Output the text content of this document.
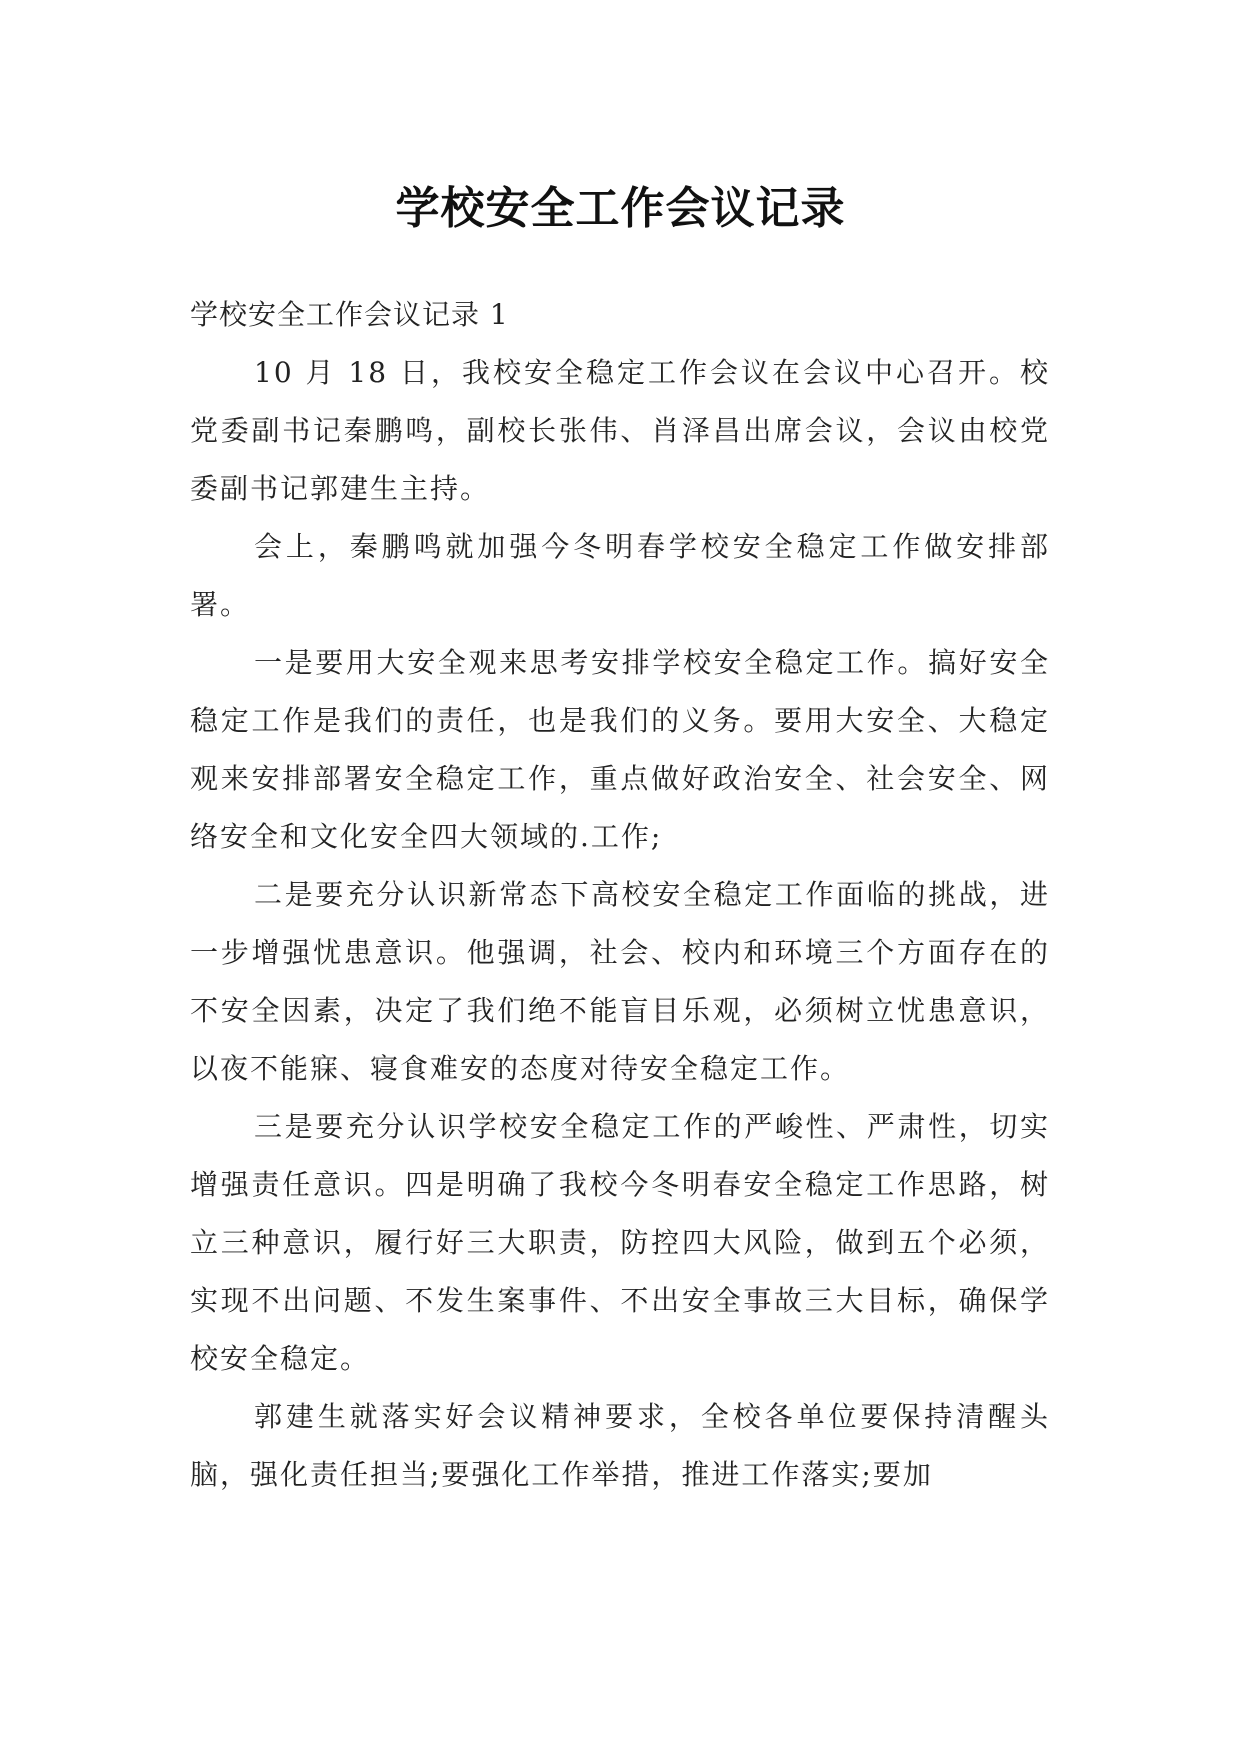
学校安全工作会议记录

学校安全工作会议记录 1

10 月 18 日，我校安全稳定工作会议在会议中心召开。校党委副书记秦鹏鸣，副校长张伟、肖泽昌出席会议，会议由校党委副书记郭建生主持。

会上，秦鹏鸣就加强今冬明春学校安全稳定工作做安排部署。

一是要用大安全观来思考安排学校安全稳定工作。搞好安全稳定工作是我们的责任，也是我们的义务。要用大安全、大稳定观来安排部署安全稳定工作，重点做好政治安全、社会安全、网络安全和文化安全四大领域的.工作;

二是要充分认识新常态下高校安全稳定工作面临的挑战，进一步增强忧患意识。他强调，社会、校内和环境三个方面存在的不安全因素，决定了我们绝不能盲目乐观，必须树立忧患意识，以夜不能寐、寝食难安的态度对待安全稳定工作。

三是要充分认识学校安全稳定工作的严峻性、严肃性，切实增强责任意识。四是明确了我校今冬明春安全稳定工作思路，树立三种意识，履行好三大职责，防控四大风险，做到五个必须，实现不出问题、不发生案事件、不出安全事故三大目标，确保学校安全稳定。

郭建生就落实好会议精神要求，全校各单位要保持清醒头脑，强化责任担当;要强化工作举措，推进工作落实;要加
